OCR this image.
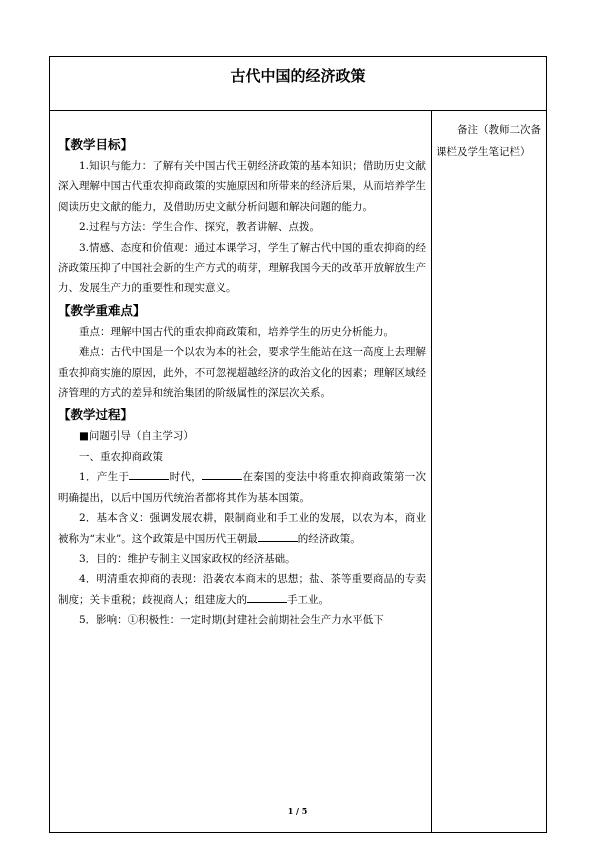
古代中国的经济政策
备注（教师二次备课栏及学生笔记栏）
【教学目标】

1.知识与能力：了解有关中国古代王朝经济政策的基本知识；借助历史文献深入理解中国古代重农抑商政策的实施原因和所带来的经济后果，从而培养学生阅读历史文献的能力，及借助历史文献分析问题和解决问题的能力。

2.过程与方法：学生合作、探究，教者讲解、点拨。

3.情感、态度和价值观：通过本课学习，学生了解古代中国的重农抑商的经济政策压抑了中国社会新的生产方式的萌芽，理解我国今天的改革开放解放生产力、发展生产力的重要性和现实意义。

【教学重难点】

重点：理解中国古代的重农抑商政策和，培养学生的历史分析能力。

难点：古代中国是一个以农为本的社会，要求学生能站在这一高度上去理解重农抑商实施的原因，此外，不可忽视超越经济的政治文化的因素；理解区域经济管理的方式的差异和统治集团的阶级属性的深层次关系。

【教学过程】

■问题引导（自主学习）

一、重农抑商政策

1．产生于	时代，	在秦国的变法中将重农抑商政策第一次明确提出，以后中国历代统治者都将其作为基本国策。

2．基本含义：强调发展农耕，限制商业和手工业的发展，以农为本，商业被称为“末业”。这个政策是中国历代王朝最	的经济政策。

3．目的：维护专制主义国家政权的经济基础。

4．明清重农抑商的表现：沿袭农本商末的思想；盐、茶等重要商品的专卖制度；关卡重税；歧视商人；组建庞大的	手工业。

5．影响：①积极性：一定时期(封建社会前期社会生产力水平低下

1 / 5
